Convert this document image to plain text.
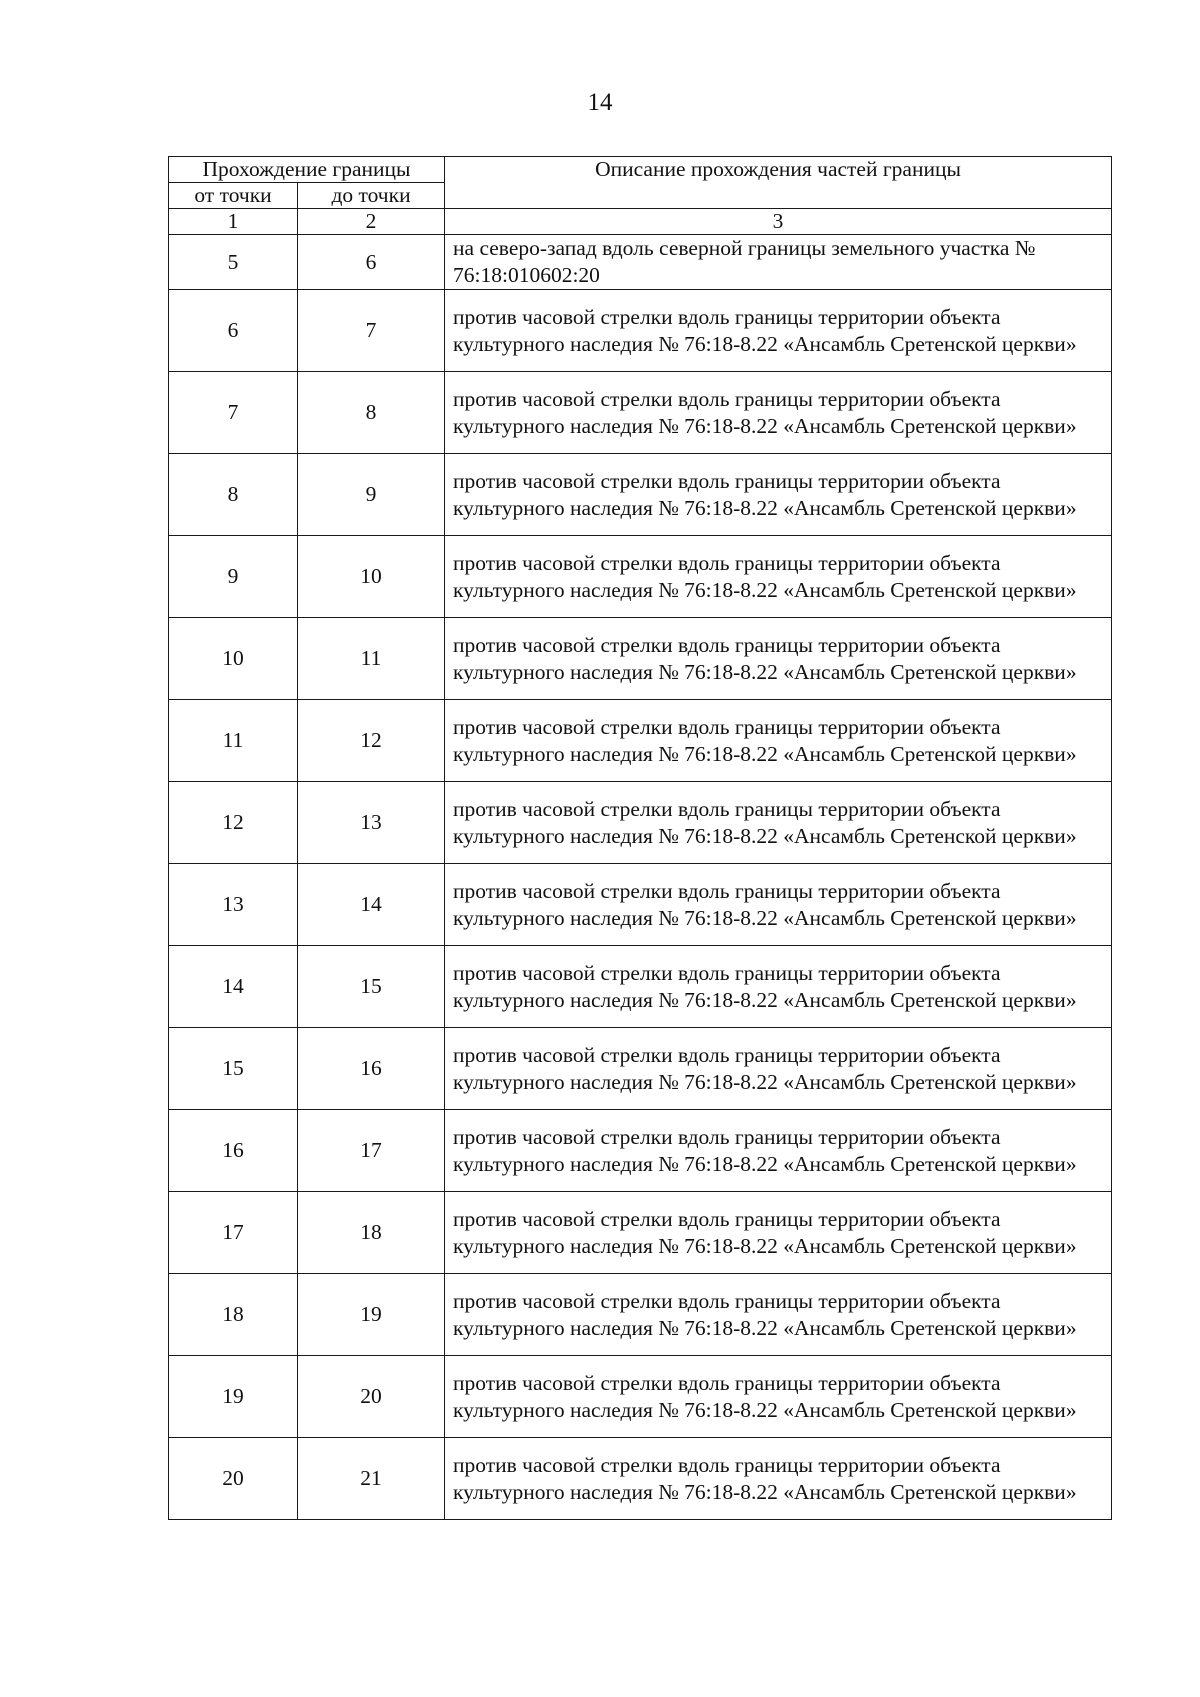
14
Прохождение границы		Описание прохождения частей границы
от точки	до точки	
1	2	3
5	6	на северо-запад вдоль северной границы земельного участка № 76:18:010602:20
6	7	против часовой стрелки вдоль границы территории объекта культурного наследия № 76:18-8.22 «Ансамбль Сретенской церкви»
7	8	против часовой стрелки вдоль границы территории объекта культурного наследия № 76:18-8.22 «Ансамбль Сретенской церкви»
8	9	против часовой стрелки вдоль границы территории объекта культурного наследия № 76:18-8.22 «Ансамбль Сретенской церкви»
9	10	против часовой стрелки вдоль границы территории объекта культурного наследия № 76:18-8.22 «Ансамбль Сретенской церкви»
10	11	против часовой стрелки вдоль границы территории объекта культурного наследия № 76:18-8.22 «Ансамбль Сретенской церкви»
11	12	против часовой стрелки вдоль границы территории объекта культурного наследия № 76:18-8.22 «Ансамбль Сретенской церкви»
12	13	против часовой стрелки вдоль границы территории объекта культурного наследия № 76:18-8.22 «Ансамбль Сретенской церкви»
13	14	против часовой стрелки вдоль границы территории объекта культурного наследия № 76:18-8.22 «Ансамбль Сретенской церкви»
14	15	против часовой стрелки вдоль границы территории объекта культурного наследия № 76:18-8.22 «Ансамбль Сретенской церкви»
15	16	против часовой стрелки вдоль границы территории объекта культурного наследия № 76:18-8.22 «Ансамбль Сретенской церкви»
16	17	против часовой стрелки вдоль границы территории объекта культурного наследия № 76:18-8.22 «Ансамбль Сретенской церкви»
17	18	против часовой стрелки вдоль границы территории объекта культурного наследия № 76:18-8.22 «Ансамбль Сретенской церкви»
18	19	против часовой стрелки вдоль границы территории объекта культурного наследия № 76:18-8.22 «Ансамбль Сретенской церкви»
19	20	против часовой стрелки вдоль границы территории объекта культурного наследия № 76:18-8.22 «Ансамбль Сретенской церкви»
20	21	против часовой стрелки вдоль границы территории объекта культурного наследия № 76:18-8.22 «Ансамбль Сретенской церкви»
